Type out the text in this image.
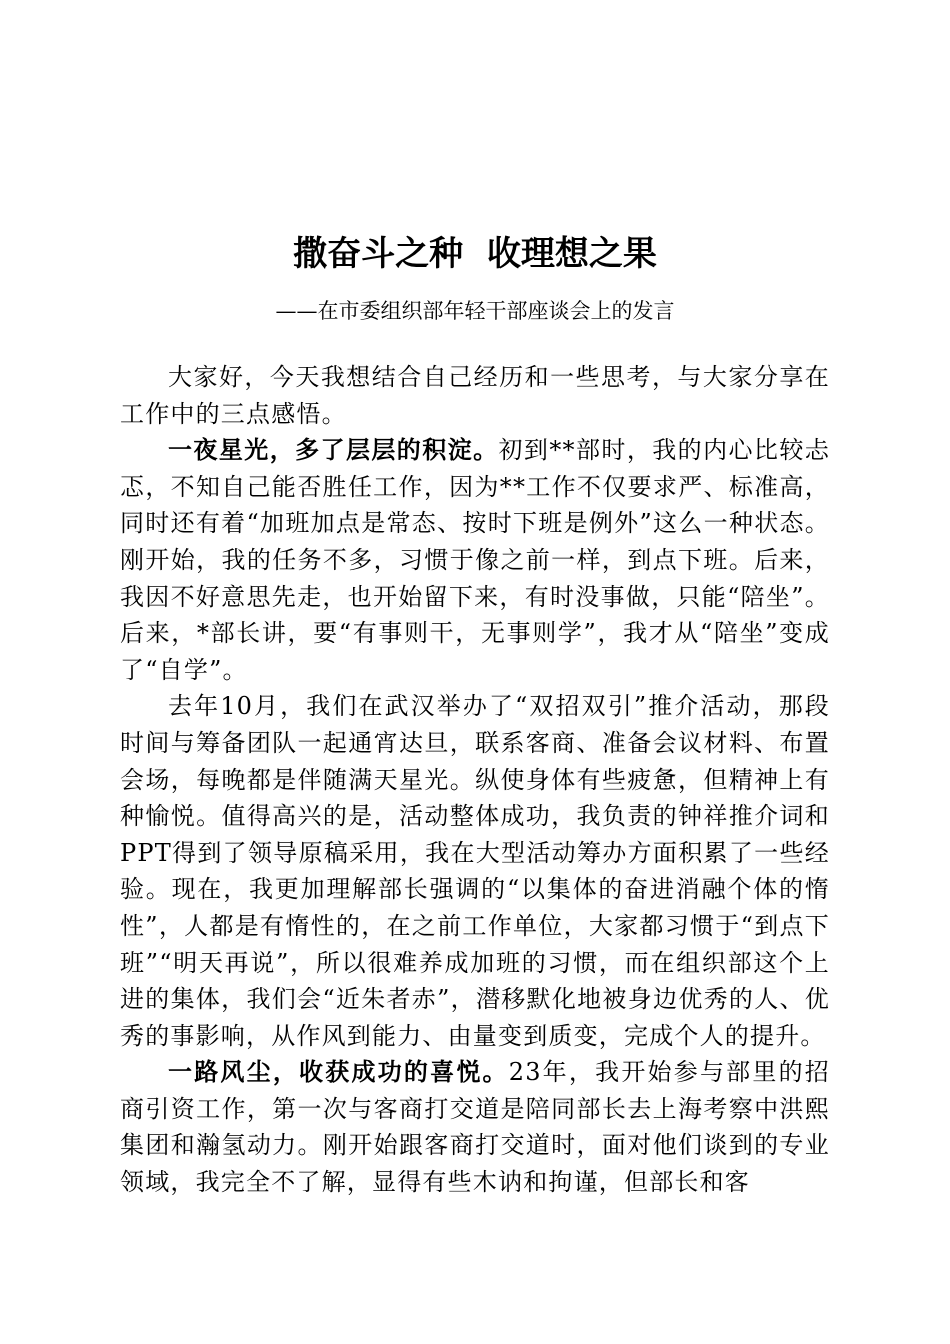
撒奋斗之种  收理想之果
——在市委组织部年轻干部座谈会上的发言

大家好，今天我想结合自己经历和一些思考，与大家分享在工作中的三点感悟。

一夜星光，多了层层的积淀。初到**部时，我的内心比较忐忑，不知自己能否胜任工作，因为**工作不仅要求严、标准高，同时还有着“加班加点是常态、按时下班是例外”这么一种状态。刚开始，我的任务不多，习惯于像之前一样，到点下班。后来，我因不好意思先走，也开始留下来，有时没事做，只能“陪坐”。后来，*部长讲，要“有事则干，无事则学”，我才从“陪坐”变成了“自学”。

去年10月，我们在武汉举办了“双招双引”推介活动，那段时间与筹备团队一起通宵达旦，联系客商、准备会议材料、布置会场，每晚都是伴随满天星光。纵使身体有些疲惫，但精神上有种愉悦。值得高兴的是，活动整体成功，我负责的钟祥推介词和PPT得到了领导原稿采用，我在大型活动筹办方面积累了一些经验。现在，我更加理解部长强调的“以集体的奋进消融个体的惰性”，人都是有惰性的，在之前工作单位，大家都习惯于“到点下班”“明天再说”，所以很难养成加班的习惯，而在组织部这个上进的集体，我们会“近朱者赤”，潜移默化地被身边优秀的人、优秀的事影响，从作风到能力、由量变到质变，完成个人的提升。

一路风尘，收获成功的喜悦。23年，我开始参与部里的招商引资工作，第一次与客商打交道是陪同部长去上海考察中洪熙集团和瀚氢动力。刚开始跟客商打交道时，面对他们谈到的专业领域，我完全不了解，显得有些木讷和拘谨，但部长和客
